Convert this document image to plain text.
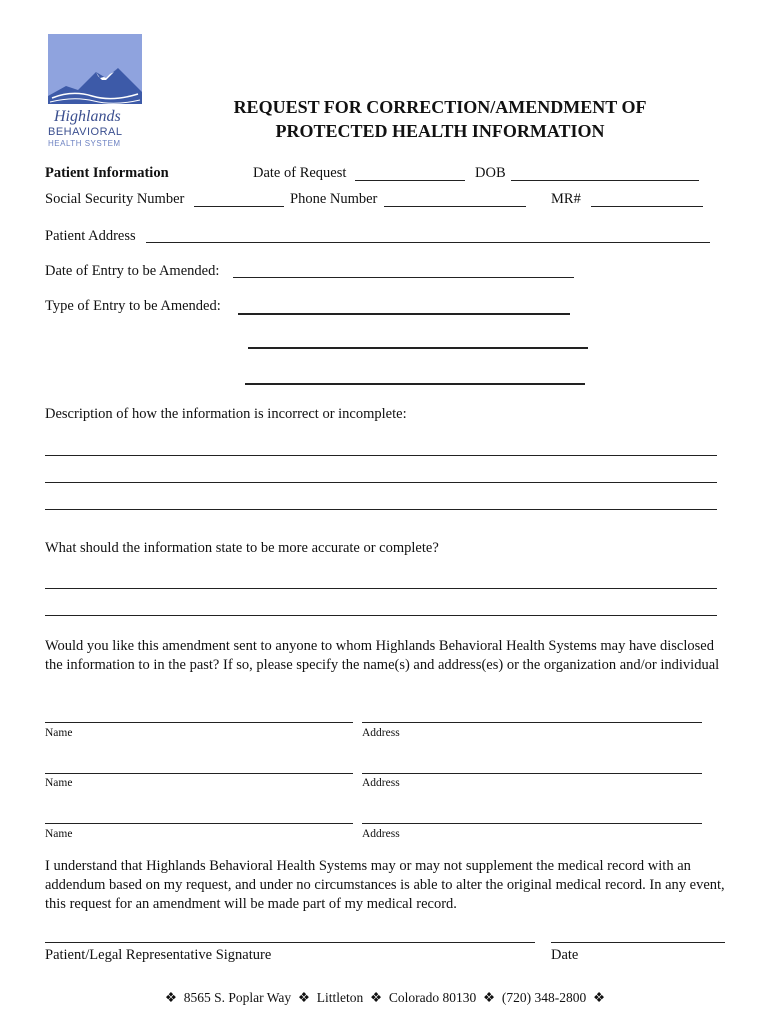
Highlands
BEHAVIORAL
HEALTH SYSTEM
REQUEST FOR CORRECTION/AMENDMENT OF
PROTECTED HEALTH INFORMATION
Patient Information	Date of Request	DOB
Social Security Number	Phone Number	MR#
Patient Address
Date of Entry to be Amended:
Type of Entry to be Amended:
Description of how the information is incorrect or incomplete:
What should the information state to be more accurate or complete?
Would you like this amendment sent to anyone to whom Highlands Behavioral Health Systems may have disclosed the information to in the past? If so, please specify the name(s) and address(es) or the organization and/or individual
Name	Address
Name	Address
Name	Address
I understand that Highlands Behavioral Health Systems may or may not supplement the medical record with an addendum based on my request, and under no circumstances is able to alter the original medical record. In any event, this request for an amendment will be made part of my medical record.
Patient/Legal Representative Signature	Date
❖ 8565 S. Poplar Way ❖ Littleton ❖ Colorado 80130 ❖ (720) 348-2800 ❖
